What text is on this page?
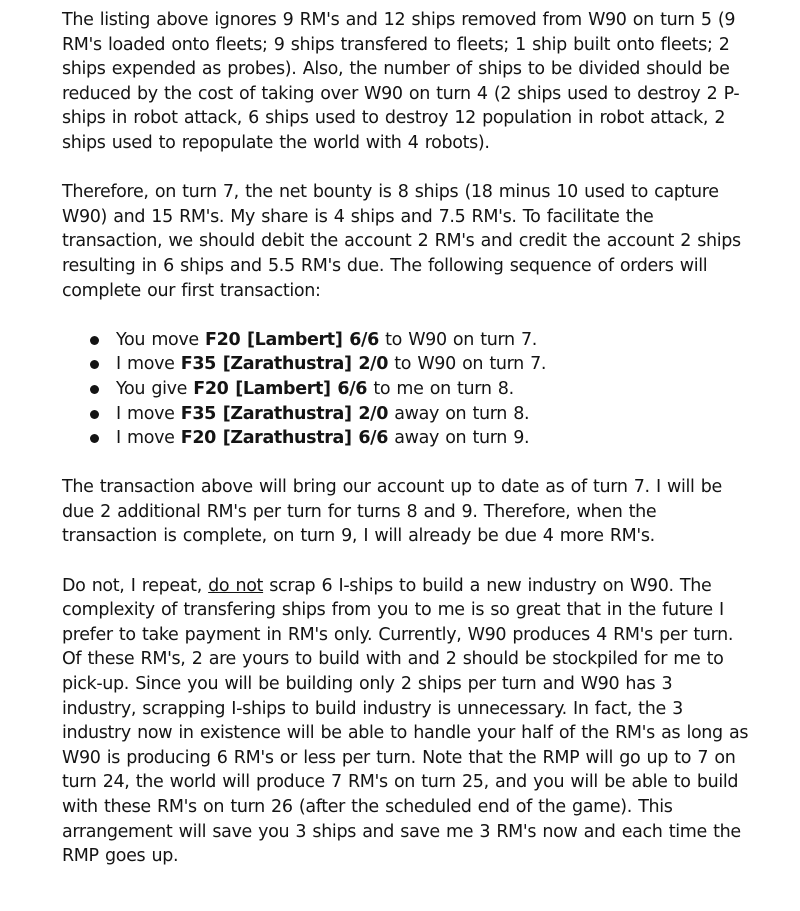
The listing above ignores 9 RM's and 12 ships removed from W90 on turn 5 (9 RM's loaded onto fleets; 9 ships transfered to fleets; 1 ship built onto fleets; 2 ships expended as probes). Also, the number of ships to be divided should be reduced by the cost of taking over W90 on turn 4 (2 ships used to destroy 2 P-ships in robot attack, 6 ships used to destroy 12 population in robot attack, 2 ships used to repopulate the world with 4 robots).

Therefore, on turn 7, the net bounty is 8 ships (18 minus 10 used to capture W90) and 15 RM's. My share is 4 ships and 7.5 RM's. To facilitate the transaction, we should debit the account 2 RM's and credit the account 2 ships resulting in 6 ships and 5.5 RM's due. The following sequence of orders will complete our first transaction:

You move F20 [Lambert] 6/6 to W90 on turn 7.
I move F35 [Zarathustra] 2/0 to W90 on turn 7.
You give F20 [Lambert] 6/6 to me on turn 8.
I move F35 [Zarathustra] 2/0 away on turn 8.
I move F20 [Zarathustra] 6/6 away on turn 9.

The transaction above will bring our account up to date as of turn 7. I will be due 2 additional RM's per turn for turns 8 and 9. Therefore, when the transaction is complete, on turn 9, I will already be due 4 more RM's.

Do not, I repeat, do not scrap 6 I-ships to build a new industry on W90. The complexity of transfering ships from you to me is so great that in the future I prefer to take payment in RM's only. Currently, W90 produces 4 RM's per turn. Of these RM's, 2 are yours to build with and 2 should be stockpiled for me to pick-up. Since you will be building only 2 ships per turn and W90 has 3 industry, scrapping I-ships to build industry is unnecessary. In fact, the 3 industry now in existence will be able to handle your half of the RM's as long as W90 is producing 6 RM's or less per turn. Note that the RMP will go up to 7 on turn 24, the world will produce 7 RM's on turn 25, and you will be able to build with these RM's on turn 26 (after the scheduled end of the game). This arrangement will save you 3 ships and save me 3 RM's now and each time the RMP goes up.
